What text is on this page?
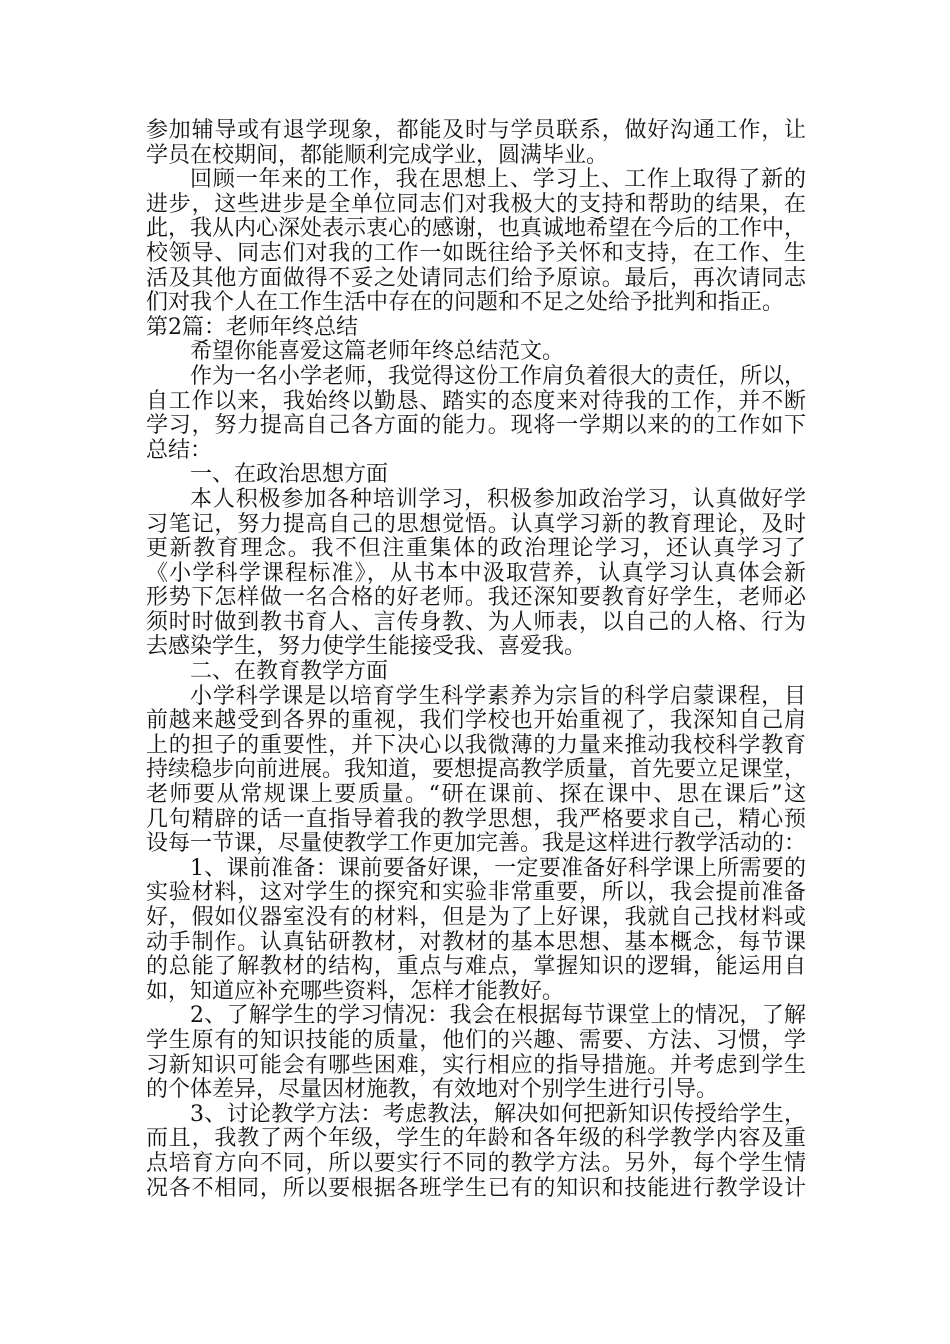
参加辅导或有退学现象，都能及时与学员联系，做好沟通工作，让
学员在校期间，都能顺利完成学业，圆满毕业。
回顾一年来的工作，我在思想上、学习上、工作上取得了新的
进步，这些进步是全单位同志们对我极大的支持和帮助的结果，在
此，我从内心深处表示衷心的感谢，也真诚地希望在今后的工作中，
校领导、同志们对我的工作一如既往给予关怀和支持，在工作、生
活及其他方面做得不妥之处请同志们给予原谅。最后，再次请同志
们对我个人在工作生活中存在的问题和不足之处给予批判和指正。
第2篇：老师年终总结
希望你能喜爱这篇老师年终总结范文。
作为一名小学老师，我觉得这份工作肩负着很大的责任，所以，
自工作以来，我始终以勤恳、踏实的态度来对待我的工作，并不断
学习，努力提高自己各方面的能力。现将一学期以来的的工作如下
总结：
一、在政治思想方面
本人积极参加各种培训学习，积极参加政治学习，认真做好学
习笔记，努力提高自己的思想觉悟。认真学习新的教育理论，及时
更新教育理念。我不但注重集体的政治理论学习，还认真学习了
《小学科学课程标准》，从书本中汲取营养，认真学习认真体会新
形势下怎样做一名合格的好老师。我还深知要教育好学生，老师必
须时时做到教书育人、言传身教、为人师表，以自己的人格、行为
去感染学生，努力使学生能接受我、喜爱我。
二、在教育教学方面
小学科学课是以培育学生科学素养为宗旨的科学启蒙课程，目
前越来越受到各界的重视，我们学校也开始重视了，我深知自己肩
上的担子的重要性，并下决心以我微薄的力量来推动我校科学教育
持续稳步向前进展。我知道，要想提高教学质量，首先要立足课堂，
老师要从常规课上要质量。“研在课前、探在课中、思在课后”这
几句精辟的话一直指导着我的教学思想，我严格要求自己，精心预
设每一节课，尽量使教学工作更加完善。我是这样进行教学活动的：
1、课前准备：课前要备好课，一定要准备好科学课上所需要的
实验材料，这对学生的探究和实验非常重要，所以，我会提前准备
好，假如仪器室没有的材料，但是为了上好课，我就自己找材料或
动手制作。认真钻研教材，对教材的基本思想、基本概念，每节课
的总能了解教材的结构，重点与难点，掌握知识的逻辑，能运用自
如，知道应补充哪些资料，怎样才能教好。
2、了解学生的学习情况：我会在根据每节课堂上的情况，了解
学生原有的知识技能的质量，他们的兴趣、需要、方法、习惯，学
习新知识可能会有哪些困难，实行相应的指导措施。并考虑到学生
的个体差异，尽量因材施教，有效地对个别学生进行引导。
3、讨论教学方法：考虑教法，解决如何把新知识传授给学生，
而且，我教了两个年级，学生的年龄和各年级的科学教学内容及重
点培育方向不同，所以要实行不同的教学方法。另外，每个学生情
况各不相同，所以要根据各班学生已有的知识和技能进行教学设计
